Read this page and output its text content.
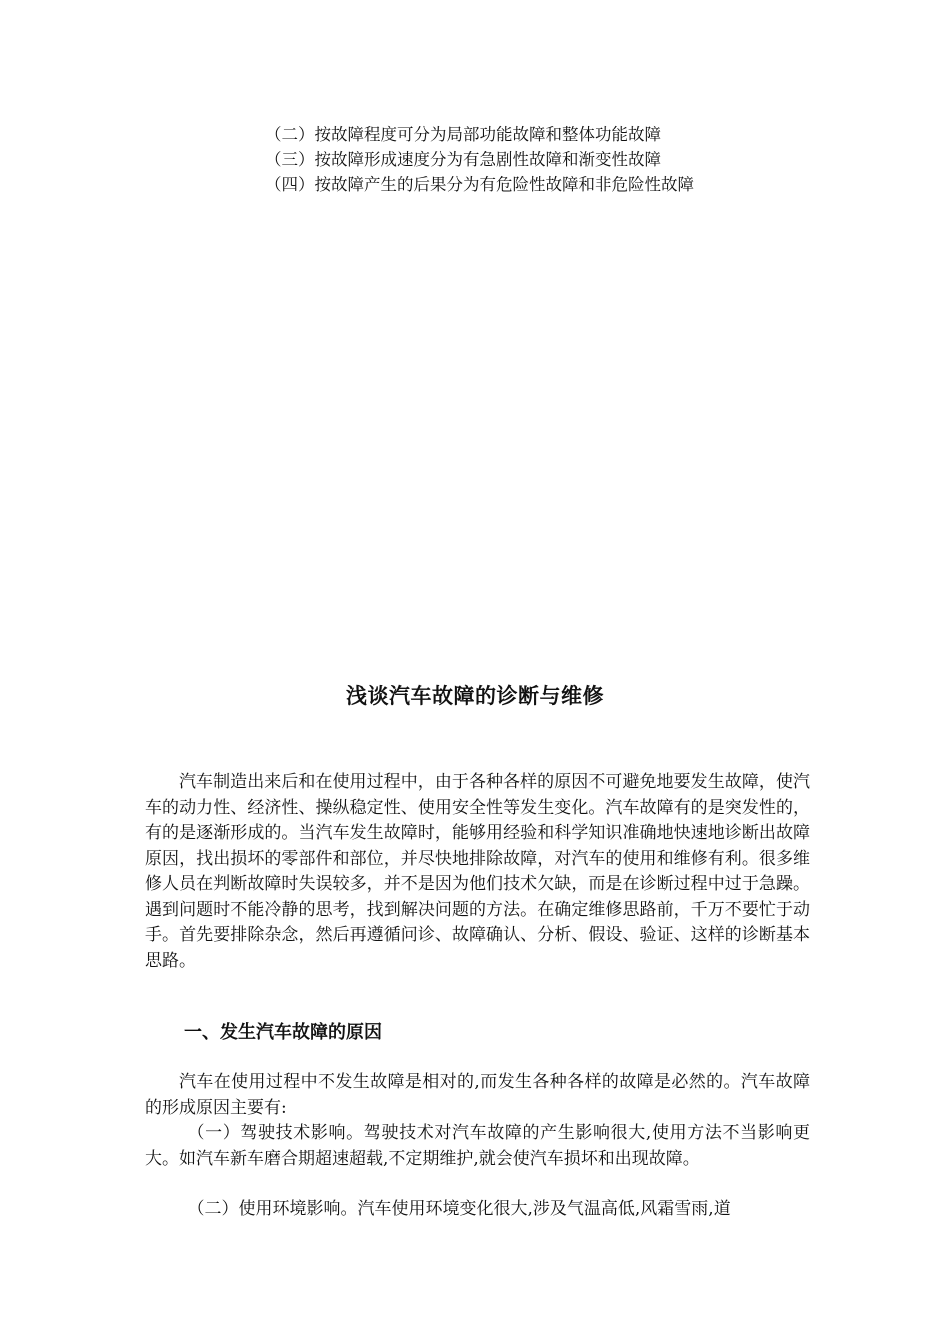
（二）按故障程度可分为局部功能故障和整体功能故障
（三）按故障形成速度分为有急剧性故障和渐变性故障
（四）按故障产生的后果分为有危险性故障和非危险性故障
浅谈汽车故障的诊断与维修
汽车制造出来后和在使用过程中，由于各种各样的原因不可避免地要发生故障，使汽车的动力性、经济性、操纵稳定性、使用安全性等发生变化。汽车故障有的是突发性的，有的是逐渐形成的。当汽车发生故障时，能够用经验和科学知识准确地快速地诊断出故障原因，找出损坏的零部件和部位，并尽快地排除故障，对汽车的使用和维修有利。很多维修人员在判断故障时失误较多，并不是因为他们技术欠缺，而是在诊断过程中过于急躁。遇到问题时不能冷静的思考，找到解决问题的方法。在确定维修思路前，千万不要忙于动手。首先要排除杂念，然后再遵循问诊、故障确认、分析、假设、验证、这样的诊断基本思路。
一、发生汽车故障的原因
汽车在使用过程中不发生故障是相对的,而发生各种各样的故障是必然的。汽车故障的形成原因主要有:
（一）驾驶技术影响。驾驶技术对汽车故障的产生影响很大,使用方法不当影响更大。如汽车新车磨合期超速超载,不定期维护,就会使汽车损坏和出现故障。
（二）使用环境影响。汽车使用环境变化很大,涉及气温高低,风霜雪雨,道
